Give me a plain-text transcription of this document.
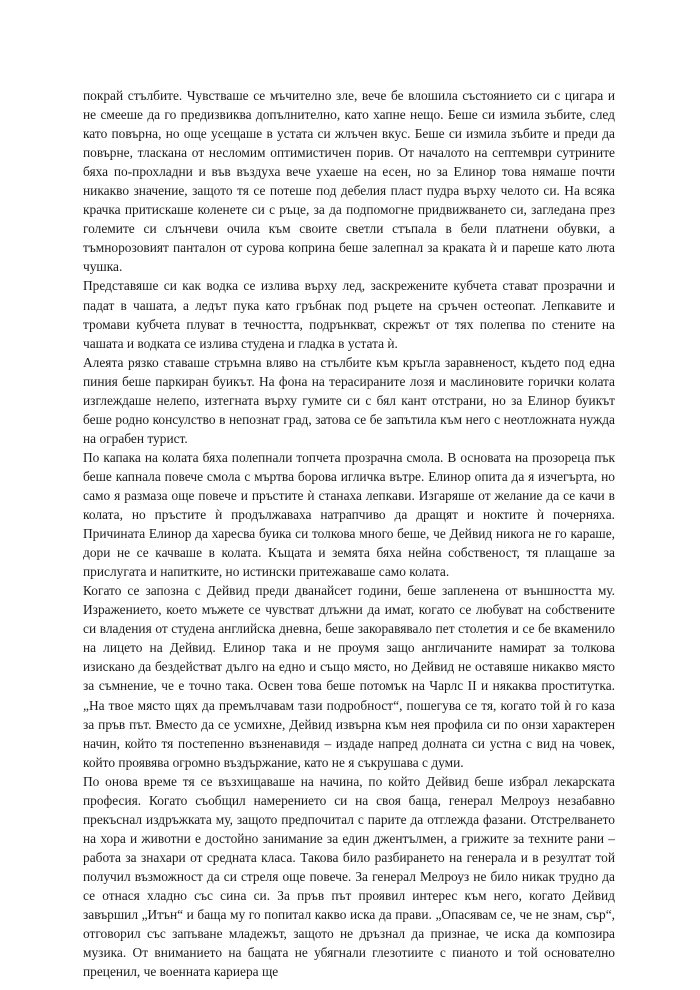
покрай стълбите. Чувстваше се мъчително зле, вече бе влошила състоянието си с цигара и не смееше да го предизвиква допълнително, като хапне нещо. Беше си измила зъбите, след като повърна, но още усещаше в устата си жлъчен вкус. Беше си измила зъбите и преди да повърне, тласкана от несломим оптимистичен порив. От началото на септември сутрините бяха по-прохладни и във въздуха вече ухаеше на есен, но за Елинор това нямаше почти никакво значение, защото тя се потеше под дебелия пласт пудра върху челото си. На всяка крачка притискаше коленете си с ръце, за да подпомогне придвижването си, загледана през големите си слънчеви очила към своите светли стъпала в бели платнени обувки, а тъмнорозовият панталон от сурова коприна беше залепнал за краката ѝ и пареше като люта чушка.

Представяше си как водка се излива върху лед, заскрежените кубчета стават прозрачни и падат в чашата, а ледът пука като гръбнак под ръцете на сръчен остеопат. Лепкавите и тромави кубчета плуват в течността, подрънкват, скрежът от тях полепва по стените на чашата и водката се излива студена и гладка в устата ѝ.

Алеята рязко ставаше стръмна вляво на стълбите към кръгла заравненост, където под една пиния беше паркиран буикът. На фона на терасираните лозя и маслиновите горички колата изглеждаше нелепо, изтегната върху гумите си с бял кант отстрани, но за Елинор буикът беше родно консулство в непознат град, затова се бе запътила към него с неотложната нужда на ограбен турист.

По капака на колата бяха полепнали топчета прозрачна смола. В основата на прозореца пък беше капнала повече смола с мъртва борова игличка вътре. Елинор опита да я изчегърта, но само я размаза още повече и пръстите ѝ станаха лепкави. Изгаряше от желание да се качи в колата, но пръстите ѝ продължаваха натрапчиво да дращят и ноктите ѝ почерняха. Причината Елинор да харесва буика си толкова много беше, че Дейвид никога не го караше, дори не се качваше в колата. Къщата и земята бяха нейна собственост, тя плащаше за прислугата и напитките, но истински притежаваше само колата.

Когато се запозна с Дейвид преди дванайсет години, беше запленена от външността му. Изражението, което мъжете се чувстват длъжни да имат, когато се любуват на собствените си владения от студена английска дневна, беше закоравявало пет столетия и се бе вкаменило на лицето на Дейвид. Елинор така и не проумя защо англичаните намират за толкова изискано да бездействат дълго на едно и също място, но Дейвид не оставяше никакво място за съмнение, че е точно така. Освен това беше потомък на Чарлс II и някаква проститутка. „На твое място щях да премълчавам тази подробност“, пошегува се тя, когато той ѝ го каза за пръв път. Вместо да се усмихне, Дейвид извърна към нея профила си по онзи характерен начин, който тя постепенно възненавидя – издаде напред долната си устна с вид на човек, който проявява огромно въздържание, като не я съкрушава с думи.

По онова време тя се възхищаваше на начина, по който Дейвид беше избрал лекарската професия. Когато съобщил намерението си на своя баща, генерал Мелроуз незабавно прекъснал издръжката му, защото предпочитал с парите да отглежда фазани. Отстрелването на хора и животни е достойно занимание за един джентълмен, а грижите за техните рани – работа за знахари от средната класа. Такова било разбирането на генерала и в резултат той получил възможност да си стреля още повече. За генерал Мелроуз не било никак трудно да се отнася хладно със сина си. За пръв път проявил интерес към него, когато Дейвид завършил „Итън“ и баща му го попитал какво иска да прави. „Опасявам се, че не знам, сър“, отговорил със запъване младежът, защото не дръзнал да признае, че иска да композира музика. От вниманието на бащата не убягнали глезотиите с пианото и той основателно преценил, че военната кариера ще
